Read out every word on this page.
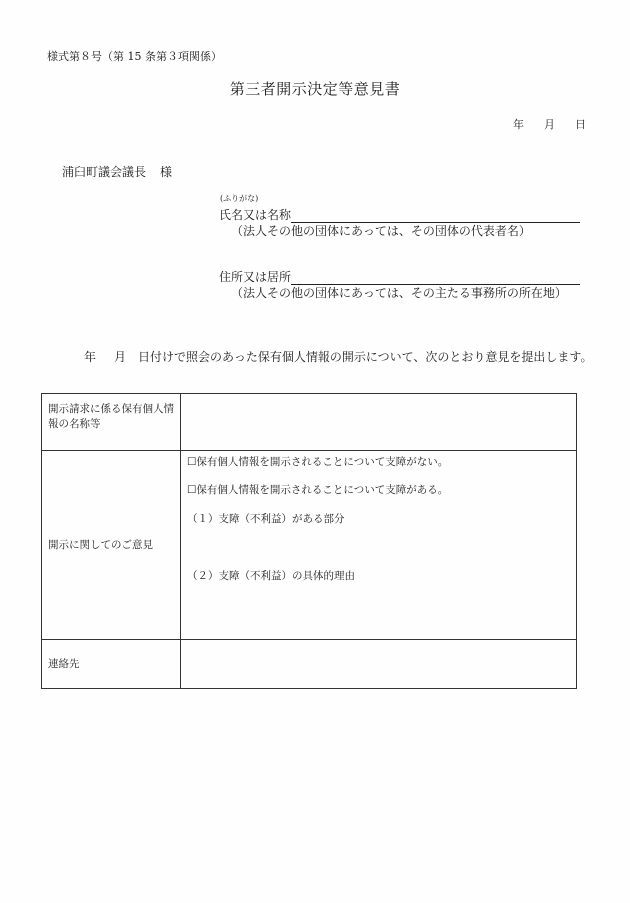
様式第８号（第 15 条第３項関係）
第三者開示決定等意見書
年 月 日
浦臼町議会議長 様
(ふりがな)
氏名又は名称
（法人その他の団体にあっては、その団体の代表者名）
住所又は居所
（法人その他の団体にあっては、その主たる事務所の所在地）
年 月 日付けで照会のあった保有個人情報の開示について、次のとおり意見を提出します。
開示請求に係る保有個人情報の名称等	
開示に関してのご意見	☐保有個人情報を開示されることについて支障がない。
☐保有個人情報を開示されることについて支障がある。
（１）支障（不利益）がある部分
（２）支障（不利益）の具体的理由

連絡先	
